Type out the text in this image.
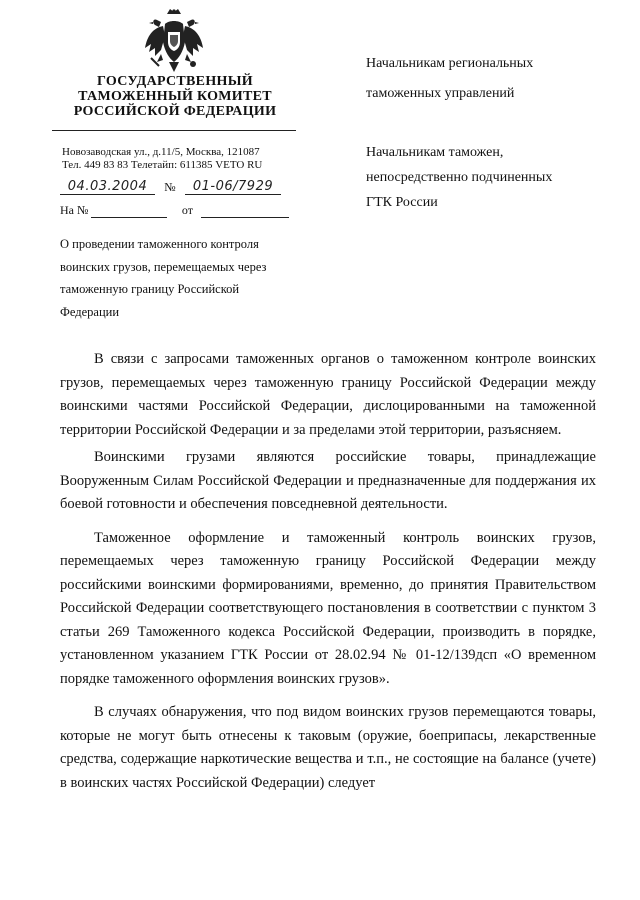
ГОСУДАРСТВЕННЫЙ
ТАМОЖЕННЫЙ КОМИТЕТ
РОССИЙСКОЙ ФЕДЕРАЦИИ
Новозаводская ул., д.11/5, Москва, 121087
Тел. 449 83 83 Телетайп: 611385 VETO RU
04.03.2004	№	01-06/7929
На №	от
О проведении таможенного контроля воинских грузов, перемещаемых через таможенную границу Российской Федерации
Начальникам региональных
таможенных управлений
Начальникам таможен,
непосредственно подчиненных
ГТК России

В связи с запросами таможенных органов о таможенном контроле воинских грузов, перемещаемых через таможенную границу Российской Федерации между воинскими частями Российской Федерации, дислоцированными на таможенной территории Российской Федерации и за пределами этой территории, разъясняем.

Воинскими грузами являются российские товары, принадлежащие Вооруженным Силам Российской Федерации и предназначенные для поддержания их боевой готовности и обеспечения повседневной деятельности.

Таможенное оформление и таможенный контроль воинских грузов, перемещаемых через таможенную границу Российской Федерации между российскими воинскими формированиями, временно, до принятия Правительством Российской Федерации соответствующего постановления в соответствии с пунктом 3 статьи 269 Таможенного кодекса Российской Федерации, производить в порядке, установленном указанием ГТК России от 28.02.94 № 01-12/139дсп «О временном порядке таможенного оформления воинских грузов».

В случаях обнаружения, что под видом воинских грузов перемещаются товары, которые не могут быть отнесены к таковым (оружие, боеприпасы, лекарственные средства, содержащие наркотические вещества и т.п., не состоящие на балансе (учете) в воинских частях Российской Федерации) следует
